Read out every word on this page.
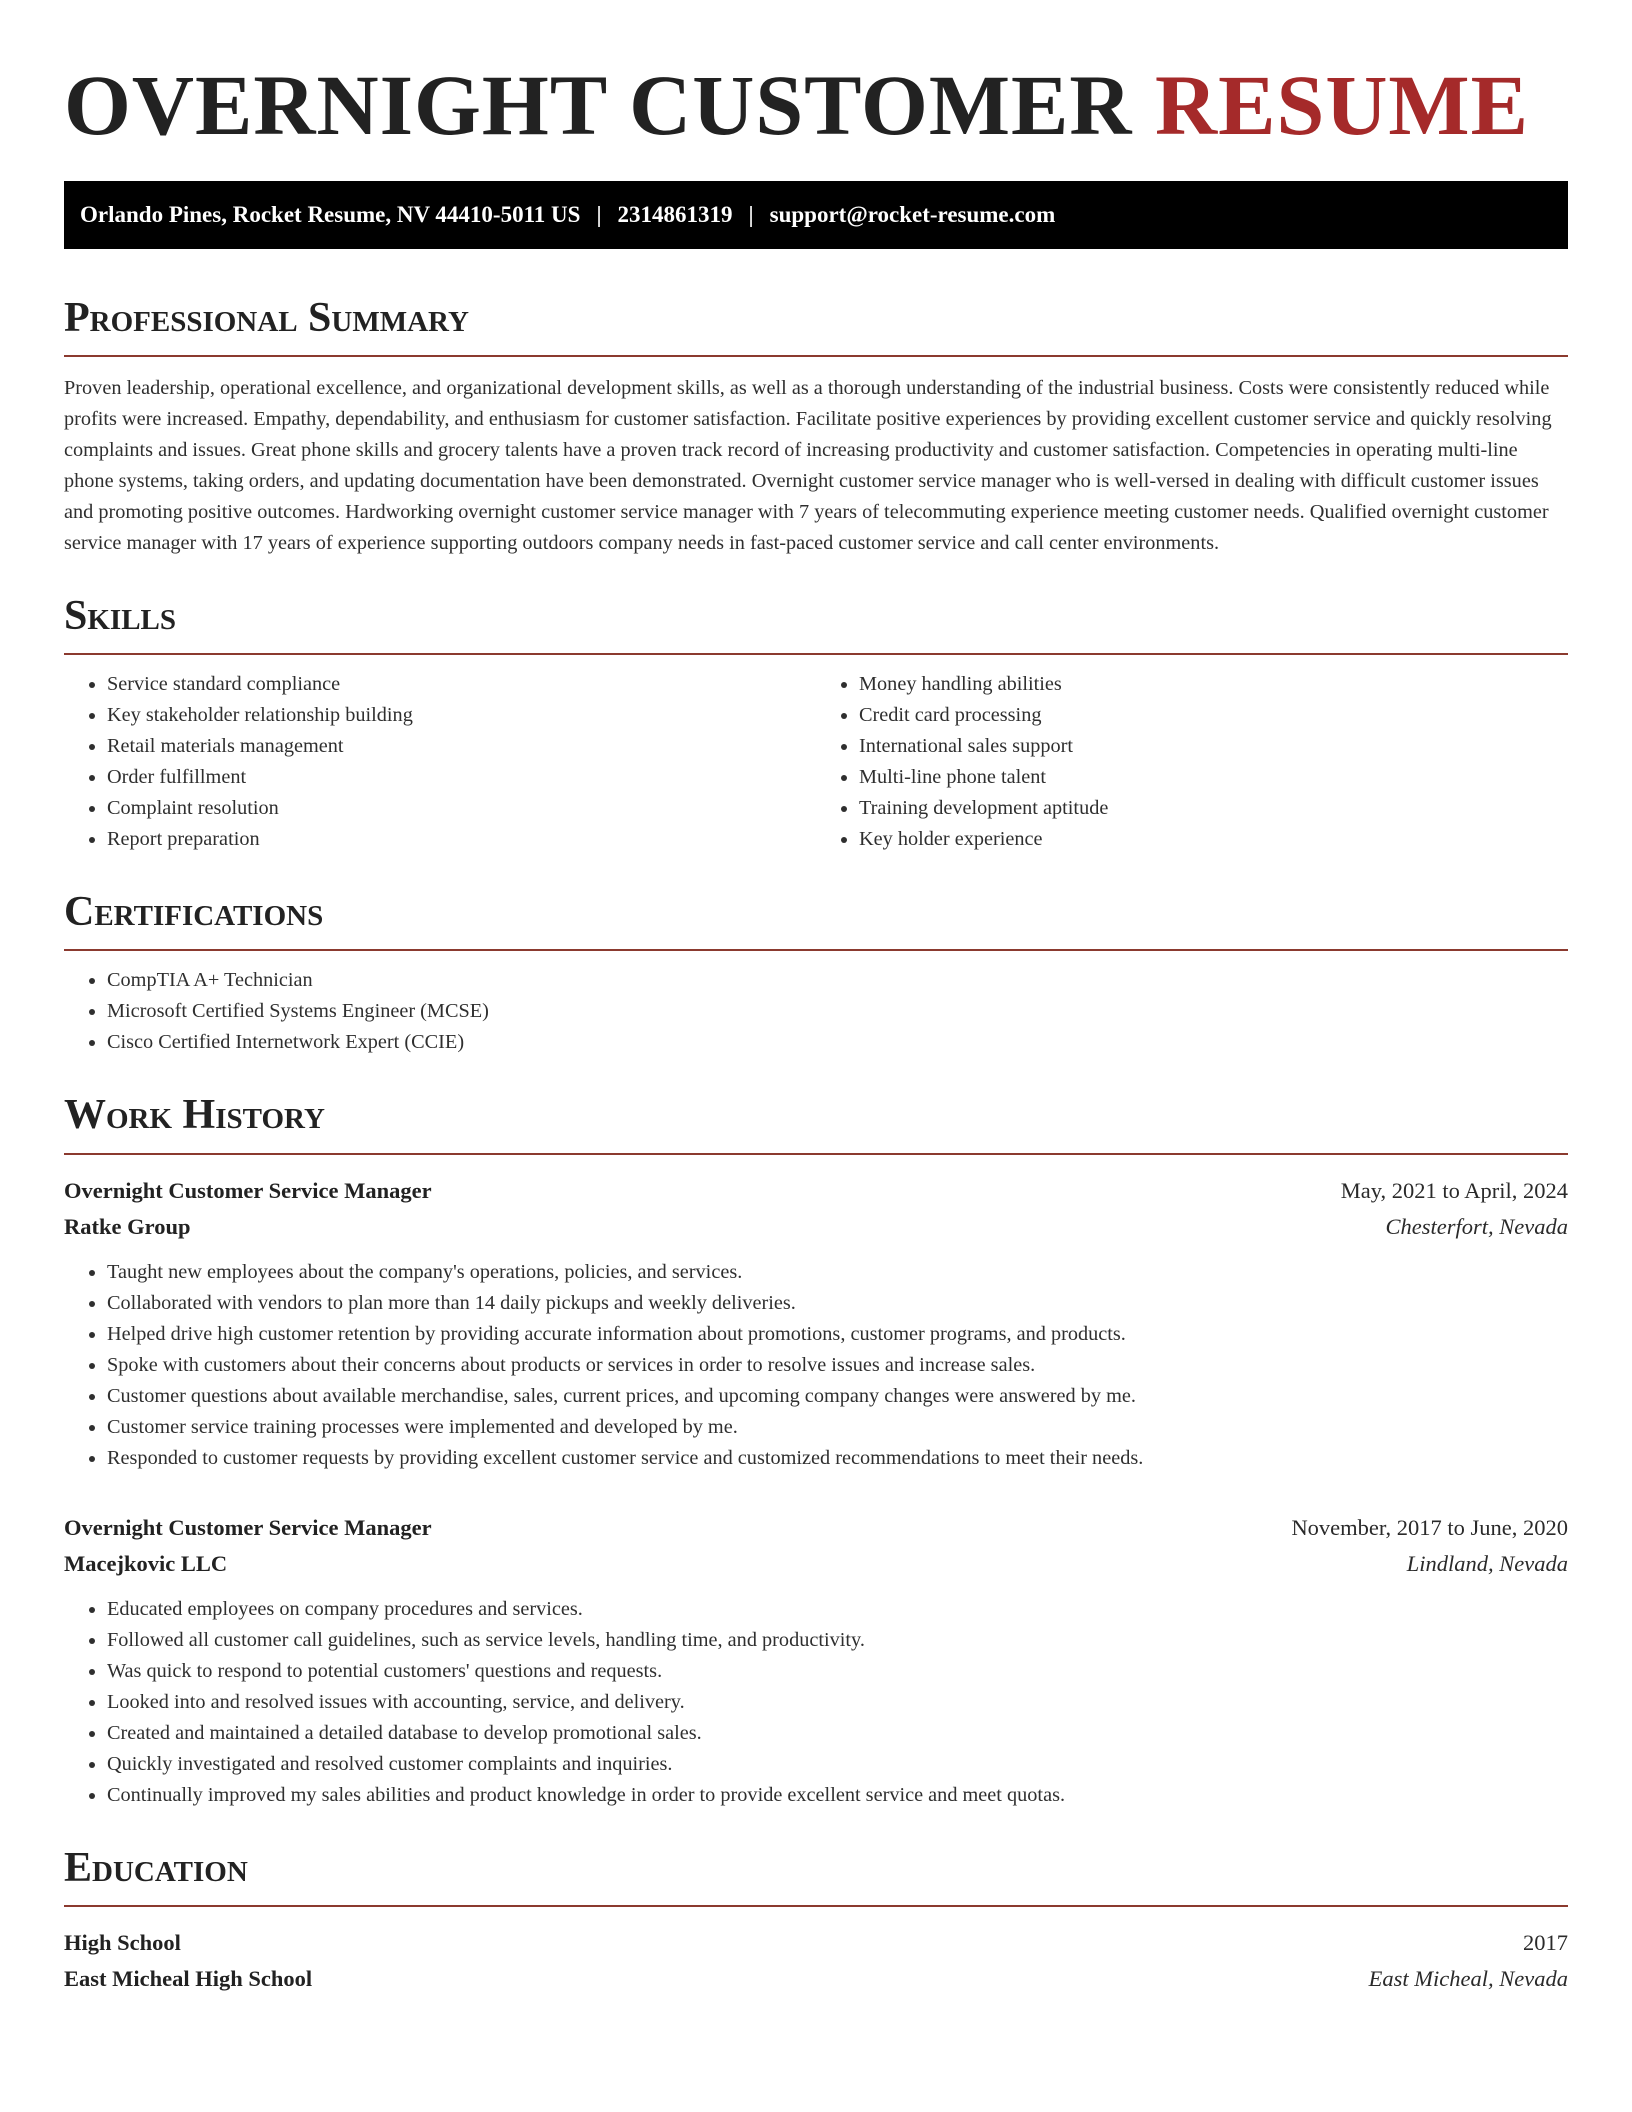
OVERNIGHT CUSTOMER RESUME
Orlando Pines, Rocket Resume, NV 44410-5011 US | 2314861319 | support@rocket-resume.com
Professional Summary
Proven leadership, operational excellence, and organizational development skills, as well as a thorough understanding of the industrial business. Costs were consistently reduced while profits were increased. Empathy, dependability, and enthusiasm for customer satisfaction. Facilitate positive experiences by providing excellent customer service and quickly resolving complaints and issues. Great phone skills and grocery talents have a proven track record of increasing productivity and customer satisfaction. Competencies in operating multi-line phone systems, taking orders, and updating documentation have been demonstrated. Overnight customer service manager who is well-versed in dealing with difficult customer issues and promoting positive outcomes. Hardworking overnight customer service manager with 7 years of telecommuting experience meeting customer needs. Qualified overnight customer service manager with 17 years of experience supporting outdoors company needs in fast-paced customer service and call center environments.
Skills
• Service standard compliance
• Key stakeholder relationship building
• Retail materials management
• Order fulfillment
• Complaint resolution
• Report preparation
• Money handling abilities
• Credit card processing
• International sales support
• Multi-line phone talent
• Training development aptitude
• Key holder experience
Certifications
• CompTIA A+ Technician
• Microsoft Certified Systems Engineer (MCSE)
• Cisco Certified Internetwork Expert (CCIE)
Work History
Overnight Customer Service Manager	May, 2021 to April, 2024
Ratke Group	Chesterfort, Nevada
• Taught new employees about the company's operations, policies, and services.
• Collaborated with vendors to plan more than 14 daily pickups and weekly deliveries.
• Helped drive high customer retention by providing accurate information about promotions, customer programs, and products.
• Spoke with customers about their concerns about products or services in order to resolve issues and increase sales.
• Customer questions about available merchandise, sales, current prices, and upcoming company changes were answered by me.
• Customer service training processes were implemented and developed by me.
• Responded to customer requests by providing excellent customer service and customized recommendations to meet their needs.
Overnight Customer Service Manager	November, 2017 to June, 2020
Macejkovic LLC	Lindland, Nevada
• Educated employees on company procedures and services.
• Followed all customer call guidelines, such as service levels, handling time, and productivity.
• Was quick to respond to potential customers' questions and requests.
• Looked into and resolved issues with accounting, service, and delivery.
• Created and maintained a detailed database to develop promotional sales.
• Quickly investigated and resolved customer complaints and inquiries.
• Continually improved my sales abilities and product knowledge in order to provide excellent service and meet quotas.
Education
High School	2017
East Micheal High School	East Micheal, Nevada
